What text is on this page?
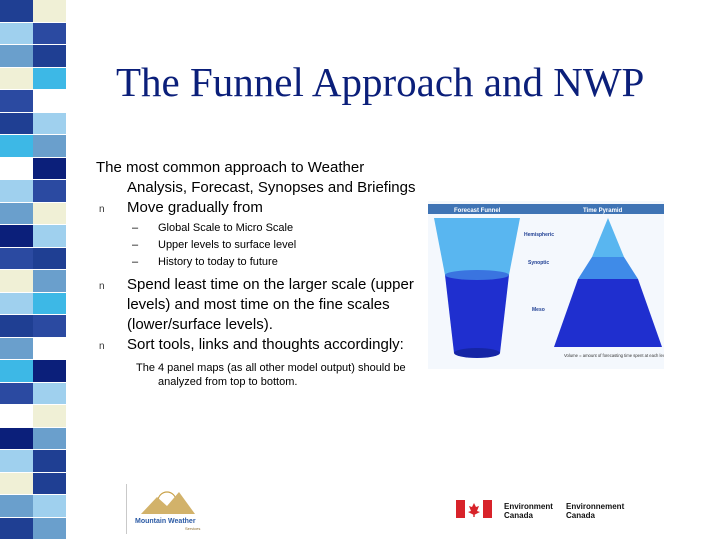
The Funnel Approach and NWP
The most common approach to Weather Analysis, Forecast, Synopses and Briefings
n Move gradually from
– Global Scale to Micro Scale
– Upper levels to surface level
– History to today to future
n Spend least time on the larger scale (upper levels) and most time on the fine scales (lower/surface levels).
n Sort tools, links and thoughts accordingly:
The 4 panel maps (as all other model output) should be analyzed from top to bottom.
Forecast Funnel	Time Pyramid
Hemispheric
Synoptic
Meso
Volume = amount of forecasting time spent at each level
Mountain Weather
Services
Environment
Canada
Environnement
Canada
